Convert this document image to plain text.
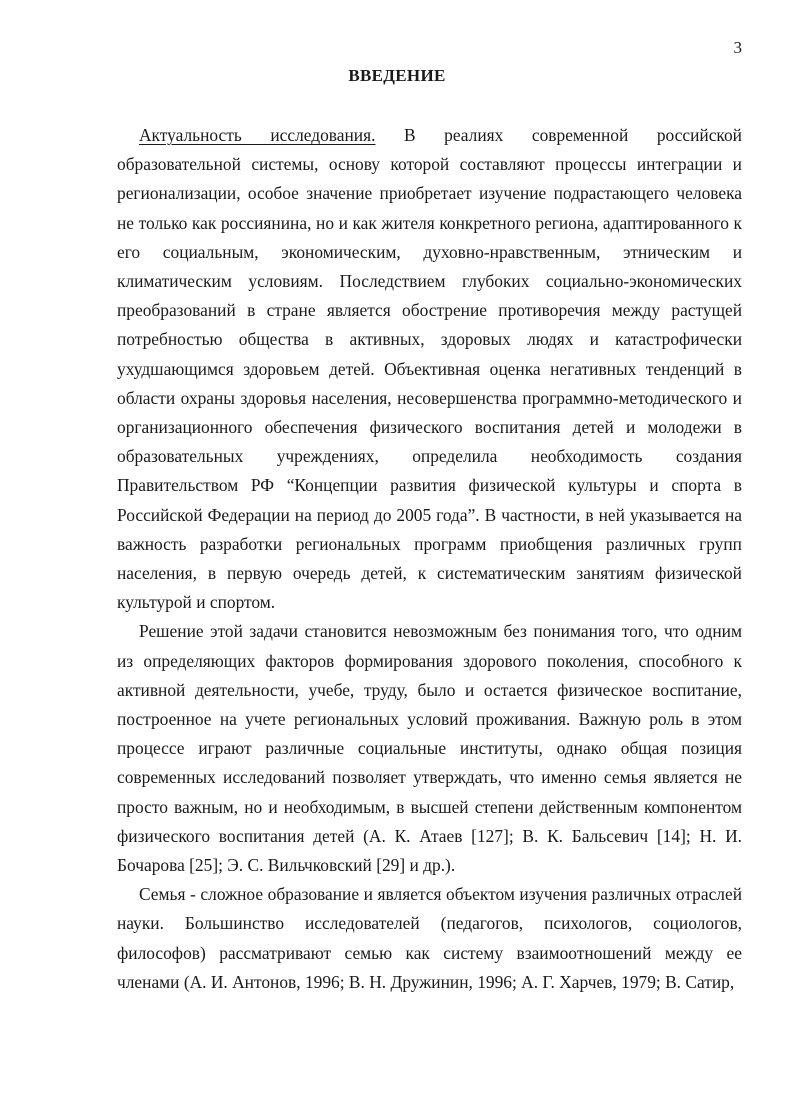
3
ВВЕДЕНИЕ

Актуальность исследования. В реалиях современной российской образовательной системы, основу которой составляют процессы интеграции и регионализации, особое значение приобретает изучение подрастающего человека не только как россиянина, но и как жителя конкретного региона, адаптированного к его социальным, экономическим, духовно-нравственным, этническим и климатическим условиям. Последствием глубоких социально-экономических преобразований в стране является обострение противоречия между растущей потребностью общества в активных, здоровых людях и катастрофически ухудшающимся здоровьем детей. Объективная оценка негативных тенденций в области охраны здоровья населения, несовершенства программно-методического и организационного обеспечения физического воспитания детей и молодежи в образовательных учреждениях, определила необходимость создания Правительством РФ “Концепции развития физической культуры и спорта в Российской Федерации на период до 2005 года”. В частности, в ней указывается на важность разработки региональных программ приобщения различных групп населения, в первую очередь детей, к систематическим занятиям физической культурой и спортом.

Решение этой задачи становится невозможным без понимания того, что одним из определяющих факторов формирования здорового поколения, способного к активной деятельности, учебе, труду, было и остается физическое воспитание, построенное на учете региональных условий проживания. Важную роль в этом процессе играют различные социальные институты, однако общая позиция современных исследований позволяет утверждать, что именно семья является не просто важным, но и необходимым, в высшей степени действенным компонентом физического воспитания детей (А. К. Атаев [127]; В. К. Бальсевич [14]; Н. И. Бочарова [25]; Э. С. Вильчковский [29] и др.).

Семья - сложное образование и является объектом изучения различных отраслей науки. Большинство исследователей (педагогов, психологов, социологов, философов) рассматривают семью как систему взаимоотношений между ее членами (А. И. Антонов, 1996; В. Н. Дружинин, 1996; А. Г. Харчев, 1979; В. Сатир,
